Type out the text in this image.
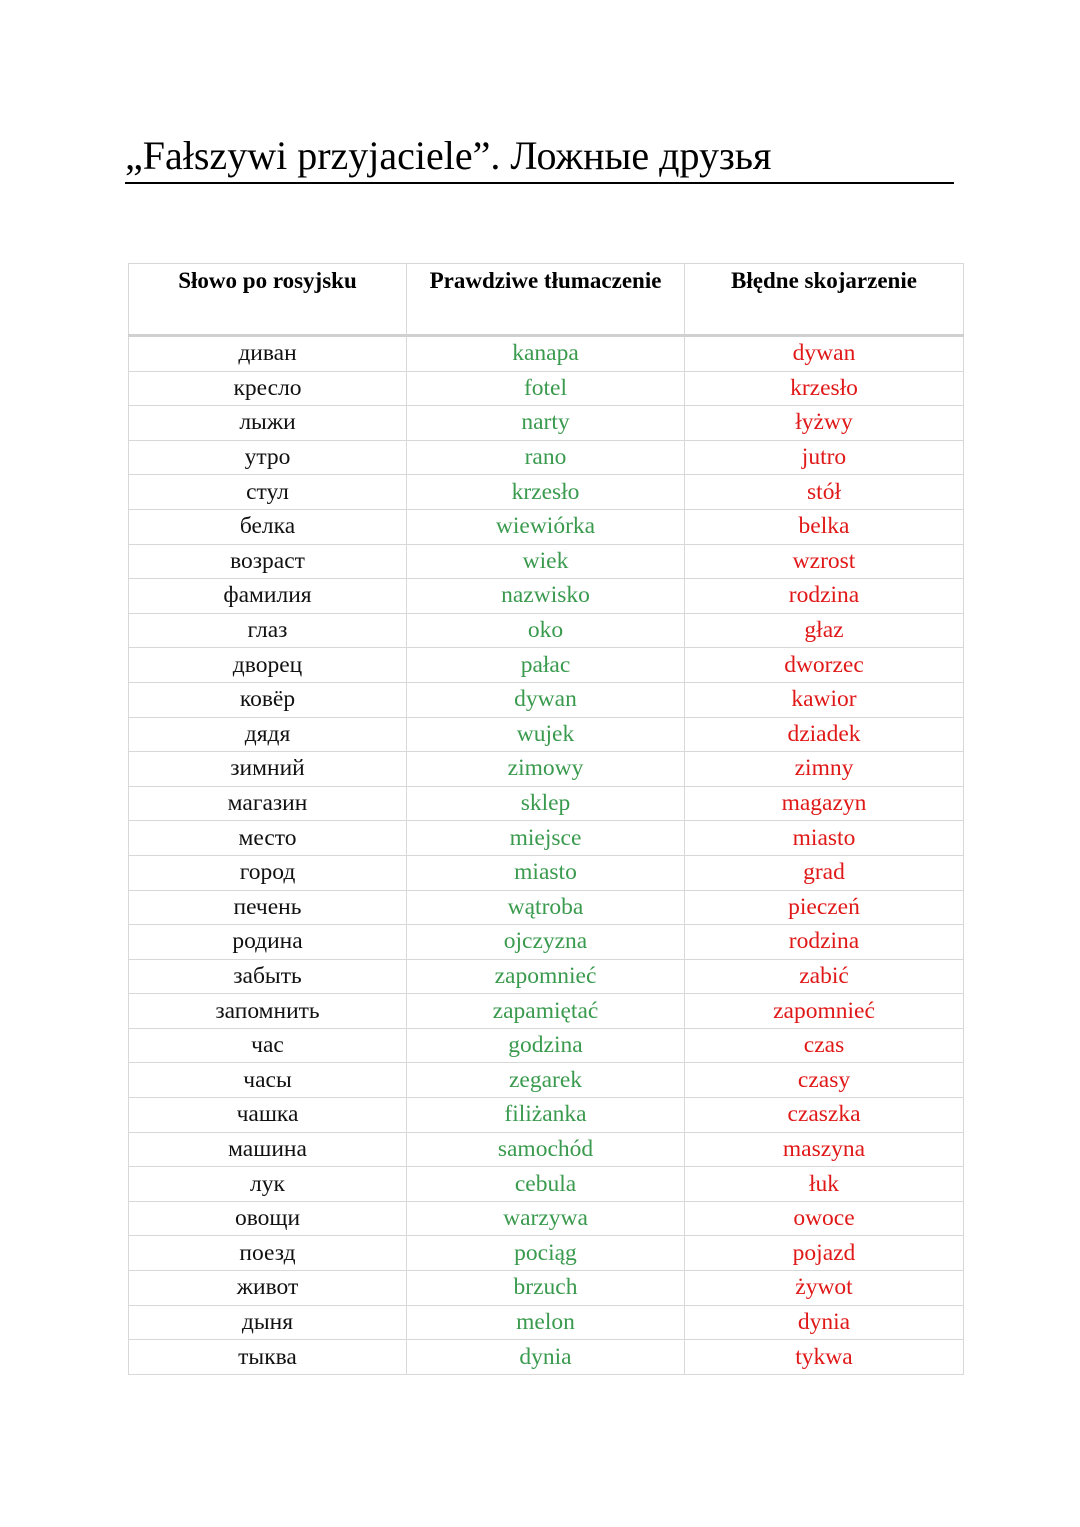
„Fałszywi przyjaciele”. Ложные друзья
Słowo po rosyjsku	Prawdziwe tłumaczenie	Błędne skojarzenie
диван	kanapa	dywan
кресло	fotel	krzesło
лыжи	narty	łyżwy
утро	rano	jutro
стул	krzesło	stół
белка	wiewiórka	belka
возраст	wiek	wzrost
фамилия	nazwisko	rodzina
глаз	oko	głaz
дворец	pałac	dworzec
ковёр	dywan	kawior
дядя	wujek	dziadek
зимний	zimowy	zimny
магазин	sklep	magazyn
место	miejsce	miasto
город	miasto	grad
печень	wątroba	pieczeń
родина	ojczyzna	rodzina
забыть	zapomnieć	zabić
запомнить	zapamiętać	zapomnieć
час	godzina	czas
часы	zegarek	czasy
чашка	filiżanka	czaszka
машина	samochód	maszyna
лук	cebula	łuk
овощи	warzywa	owoce
поезд	pociąg	pojazd
живот	brzuch	żywot
дыня	melon	dynia
тыква	dynia	tykwa
